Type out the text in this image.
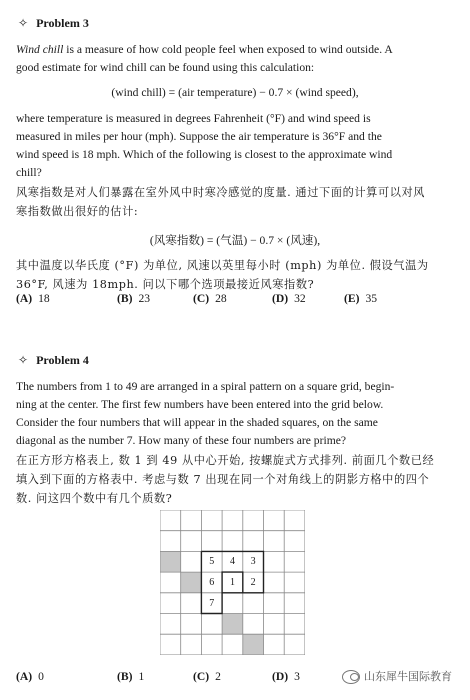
✧ Problem 3
Wind chill is a measure of how cold people feel when exposed to wind outside. A
good estimate for wind chill can be found using this calculation:
(wind chill) = (air temperature) − 0.7 × (wind speed),
where temperature is measured in degrees Fahrenheit (°F) and wind speed is
measured in miles per hour (mph). Suppose the air temperature is 36°F and the
wind speed is 18 mph. Which of the following is closest to the approximate wind
chill?
风寒指数是对人们暴露在室外风中时寒冷感觉的度量. 通过下面的计算可以对风
寒指数做出很好的估计:
(风寒指数) = (气温) − 0.7 × (风速),
其中温度以华氏度 (°F) 为单位, 风速以英里每小时 (mph) 为单位. 假设气温为
36°F, 风速为 18mph. 问以下哪个选项最接近风寒指数?
(A) 18	(B) 23	(C) 28	(D) 32	(E) 35
✧ Problem 4
The numbers from 1 to 49 are arranged in a spiral pattern on a square grid, begin-
ning at the center. The first few numbers have been entered into the grid below.
Consider the four numbers that will appear in the shaded squares, on the same
diagonal as the number 7. How many of these four numbers are prime?
在正方形方格表上, 数 1 到 49 从中心开始, 按螺旋式方式排列. 前面几个数已经
填入到下面的方格表中. 考虑与数 7 出现在同一个对角线上的阴影方格中的四个
数. 问这四个数中有几个质数?
5	4	3
6	1	2
7
(A) 0	(B) 1	(C) 2	(D) 3	山东犀牛国际教育
